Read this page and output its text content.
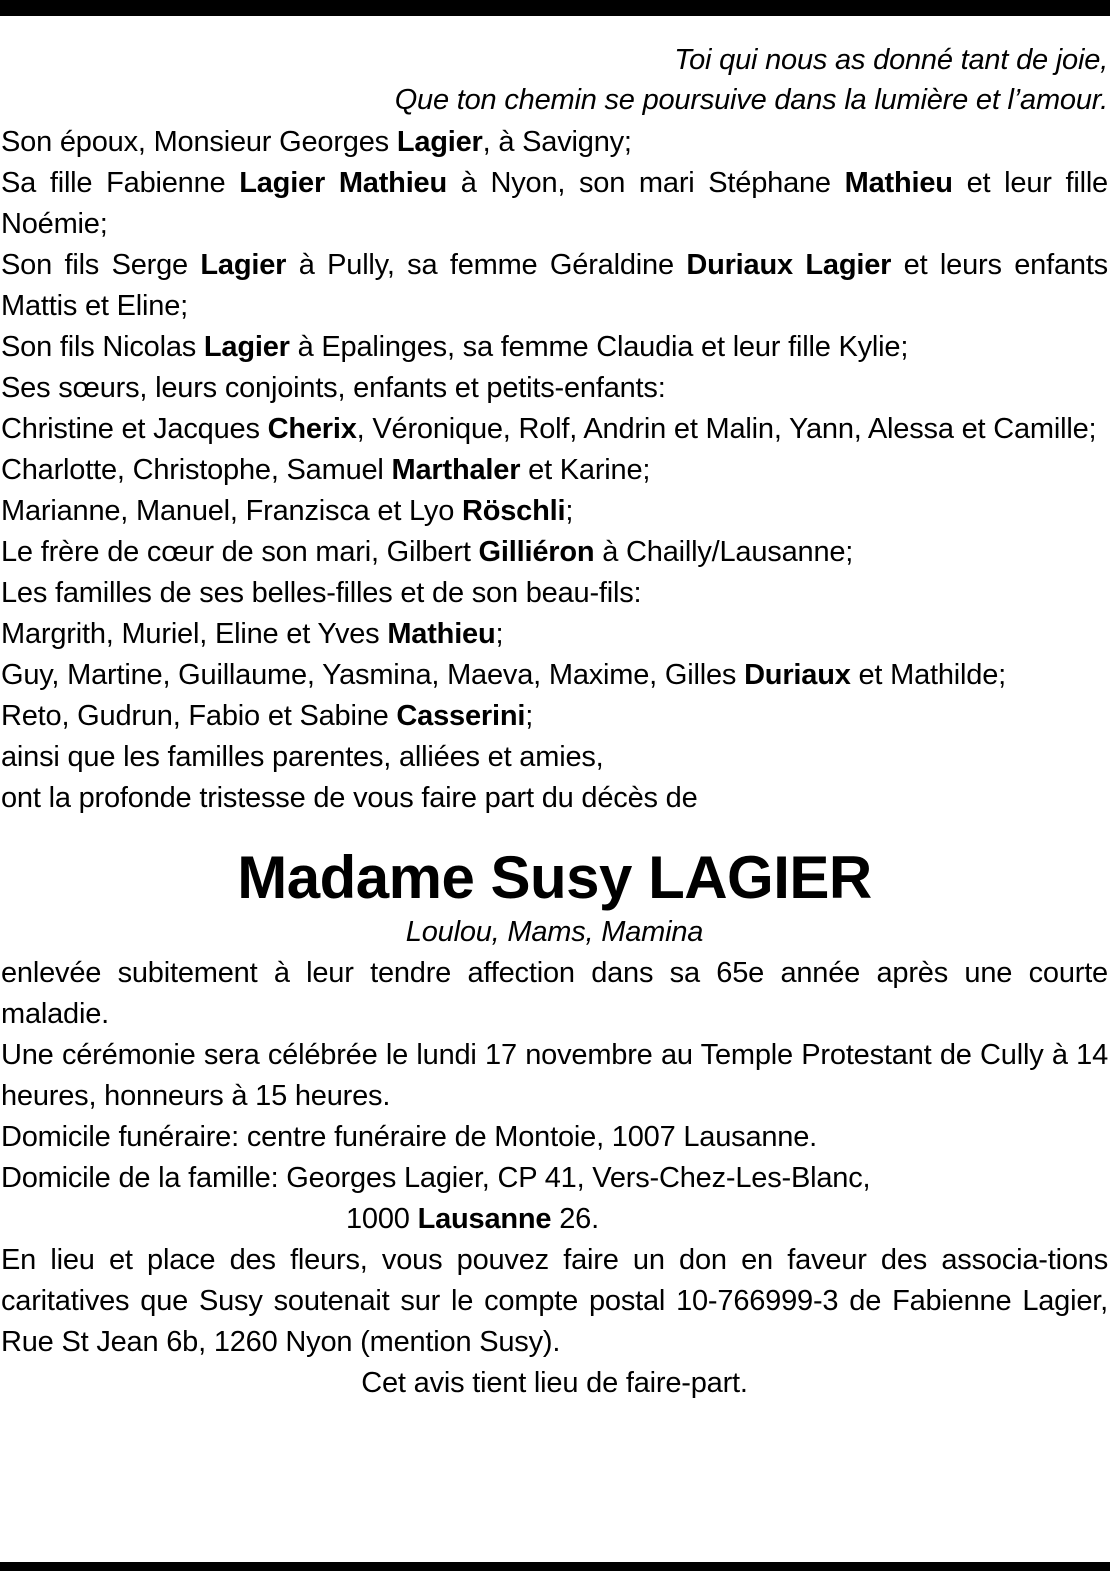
Toi qui nous as donné tant de joie,
Que ton chemin se poursuive dans la lumière et l’amour.

Son époux, Monsieur Georges Lagier, à Savigny;

Sa fille Fabienne Lagier Mathieu à Nyon, son mari Stéphane Mathieu et leur fille Noémie;

Son fils Serge Lagier à Pully, sa femme Géraldine Duriaux Lagier et leurs enfants Mattis et Eline;

Son fils Nicolas Lagier à Epalinges, sa femme Claudia et leur fille Kylie;

Ses sœurs, leurs conjoints, enfants et petits-enfants:

Christine et Jacques Cherix, Véronique, Rolf, Andrin et Malin, Yann, Alessa et Camille;

Charlotte, Christophe, Samuel Marthaler et Karine;

Marianne, Manuel, Franzisca et Lyo Röschli;

Le frère de cœur de son mari, Gilbert Gilliéron à Chailly/Lausanne;

Les familles de ses belles-filles et de son beau-fils:

Margrith, Muriel, Eline et Yves Mathieu;

Guy, Martine, Guillaume, Yasmina, Maeva, Maxime, Gilles Duriaux et Mathilde;

Reto, Gudrun, Fabio et Sabine Casserini;

ainsi que les familles parentes, alliées et amies,

ont la profonde tristesse de vous faire part du décès de

Madame Susy LAGIER
Loulou, Mams, Mamina

enlevée subitement à leur tendre affection dans sa 65e année après une courte maladie.

Une cérémonie sera célébrée le lundi 17 novembre au Temple Protestant de Cully à 14 heures, honneurs à 15 heures.

Domicile funéraire: centre funéraire de Montoie, 1007 Lausanne.

Domicile de la famille: Georges Lagier, CP 41, Vers-Chez-Les-Blanc,

1000 Lausanne 26.

En lieu et place des fleurs, vous pouvez faire un don en faveur des associa-tions caritatives que Susy soutenait sur le compte postal 10-766999-3 de Fabienne Lagier, Rue St Jean 6b, 1260 Nyon (mention Susy).

Cet avis tient lieu de faire-part.
